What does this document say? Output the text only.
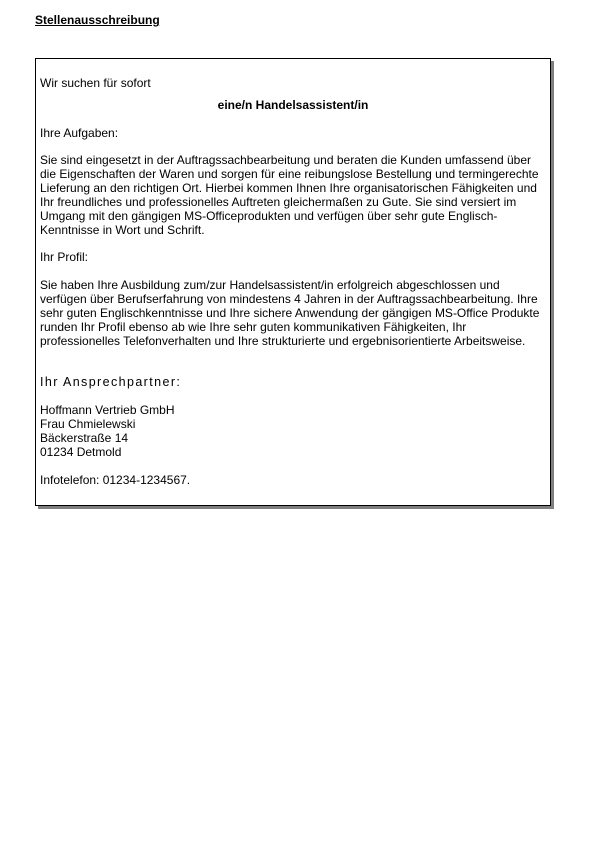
Stellenausschreibung

Wir suchen für sofort

eine/n Handelsassistent/in

Ihre Aufgaben:

Sie sind eingesetzt in der Auftragssachbearbeitung und beraten die Kunden umfassend über die Eigenschaften der Waren und sorgen für eine reibungslose Bestellung und termingerechte Lieferung an den richtigen Ort. Hierbei kommen Ihnen Ihre organisatorischen Fähigkeiten und Ihr freundliches und professionelles Auftreten gleichermaßen zu Gute. Sie sind versiert im Umgang mit den gängigen MS-Officeprodukten und verfügen über sehr gute Englisch-Kenntnisse in Wort und Schrift.

Ihr Profil:

Sie haben Ihre Ausbildung zum/zur Handelsassistent/in erfolgreich abgeschlossen und verfügen über Berufserfahrung von mindestens 4 Jahren in der Auftragssachbearbeitung. Ihre sehr guten Englischkenntnisse und Ihre sichere Anwendung der gängigen MS-Office Produkte runden Ihr Profil ebenso ab wie Ihre sehr guten kommunikativen Fähigkeiten, Ihr professionelles Telefonverhalten und Ihre strukturierte und ergebnisorientierte Arbeitsweise.

Ihr Ansprechpartner:

Hoffmann Vertrieb GmbH
Frau Chmielewski
Bäckerstraße 14
01234 Detmold

Infotelefon: 01234-1234567.
